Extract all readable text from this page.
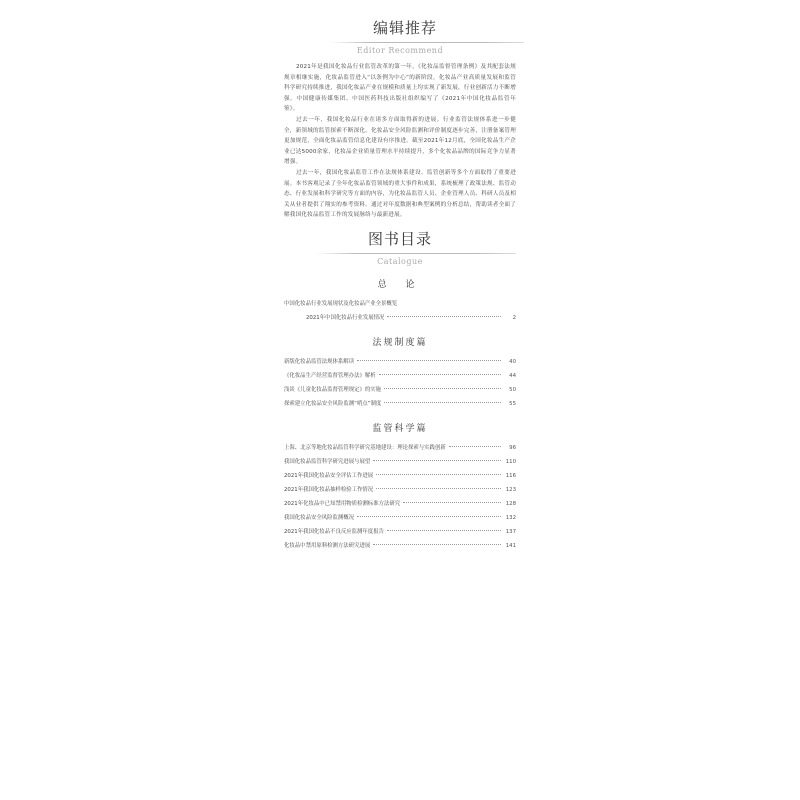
编辑推荐
Editor Recommend

2021年是我国化妆品行业监管改革的第一年，《化妆品监督管理条例》及其配套法规规章相继实施，化妆品监管进入“以条例为中心”的新阶段。化妆品产业高质量发展和监管科学研究持续推进，我国化妆品产业在规模和质量上均实现了新发展，行业创新活力不断增强。中国健康传媒集团、中国医药科技出版社组织编写了《2021年中国化妆品监管年鉴》。

过去一年，我国化妆品行业在诸多方面取得新的进展。行业监管法规体系进一步健全，新领域的监管探索不断深化。化妆品安全风险监测和评价制度逐步完善，注册备案管理更加规范，全面化妆品监管信息化建设有序推进。截至2021年12月底，全国化妆品生产企业已达5000余家，化妆品企业质量管理水平持续提升，多个化妆品品牌的国际竞争力显著增强。

过去一年，我国化妆品监管工作在法规体系建设、监管创新等多个方面取得了重要进展。本书客观记录了全年化妆品监管领域的重大事件和成果，系统梳理了政策法规、监管动态、行业发展和科学研究等方面的内容，为化妆品监管人员、企业管理人员、科研人员及相关从业者提供了翔实的参考资料。通过对年度数据和典型案例的分析总结，帮助读者全面了解我国化妆品监管工作的发展脉络与最新进展。

图书目录
Catalogue
总 论
中国化妆品行业发展现状及化妆品产业全景概览
2021年中国化妆品行业发展情况	2
法规制度篇
新版化妆品监管法规体系解读	40
《化妆品生产经营监督管理办法》解析	44
浅谈《儿童化妆品监督管理规定》的实施	50
探索建立化妆品安全风险监测“哨点”制度	55
监管科学篇
上海、北京等地化妆品监管科学研究基地建设：理论探索与实践创新	96
我国化妆品监管科学研究进展与展望	110
2021年我国化妆品安全评估工作进展	116
2021年我国化妆品抽样检验工作情况	123
2021年化妆品中已知禁用物质检测标准方法研究	128
我国化妆品安全风险监测概况	132
2021年我国化妆品不良反应监测年度报告	137
化妆品中禁用原料检测方法研究进展	141
